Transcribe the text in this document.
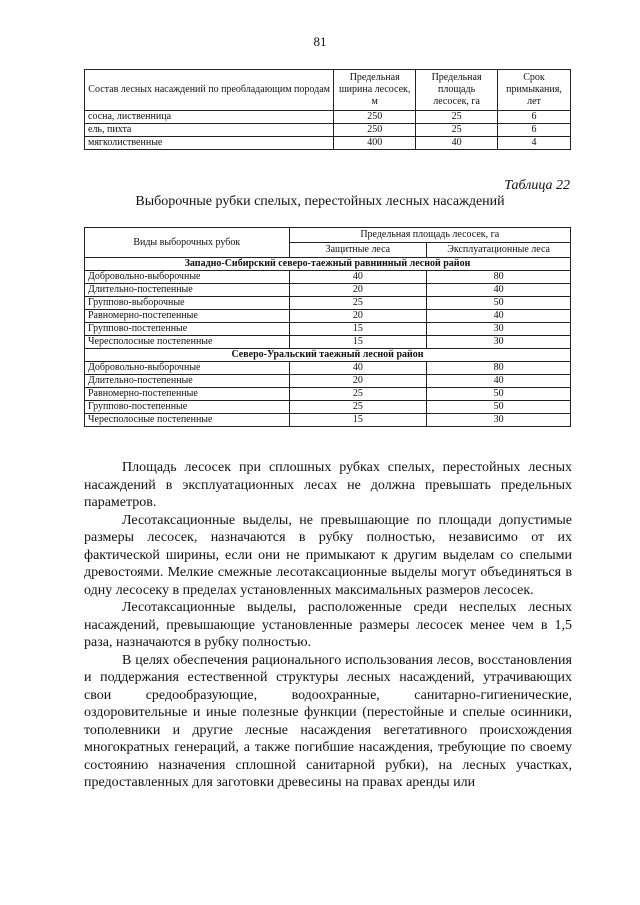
81
Состав лесных насаждений по преобладающим породам	Предельная ширина лесосек, м	Предельная площадь лесосек, га	Срок примыкания, лет
сосна, лиственница	250	25	6
ель, пихта	250	25	6
мягколиственные	400	40	4
Таблица 22
Выборочные рубки спелых, перестойных лесных насаждений
Виды выборочных рубок	Предельная площадь лесосек, га	
	Защитные леса	Эксплуатационные леса
Западно-Сибирский северо-таежный равнинный лесной район		
Добровольно-выборочные	40	80
Длительно-постепенные	20	40
Группово-выборочные	25	50
Равномерно-постепенные	20	40
Группово-постепенные	15	30
Чересполосные постепенные	15	30
Северо-Уральский таежный лесной район		
Добровольно-выборочные	40	80
Длительно-постепенные	20	40
Равномерно-постепенные	25	50
Группово-постепенные	25	50
Чересполосные постепенные	15	30

Площадь лесосек при сплошных рубках спелых, перестойных лесных насаждений в эксплуатационных лесах не должна превышать предельных параметров.

Лесотаксационные выделы, не превышающие по площади допустимые размеры лесосек, назначаются в рубку полностью, независимо от их фактической ширины, если они не примыкают к другим выделам со спелыми древостоями. Мелкие смежные лесотаксационные выделы могут объединяться в одну лесосеку в пределах установленных максимальных размеров лесосек.

Лесотаксационные выделы, расположенные среди неспелых лесных насаждений, превышающие установленные размеры лесосек менее чем в 1,5 раза, назначаются в рубку полностью.

В целях обеспечения рационального использования лесов, восстановления и поддержания естественной структуры лесных насаждений, утрачивающих свои средообразующие, водоохранные, санитарно-гигиенические, оздоровительные и иные полезные функции (перестойные и спелые осинники, тополевники и другие лесные насаждения вегетативного происхождения многократных генераций, а также погибшие насаждения, требующие по своему состоянию назначения сплошной санитарной рубки), на лесных участках, предоставленных для заготовки древесины на правах аренды или
